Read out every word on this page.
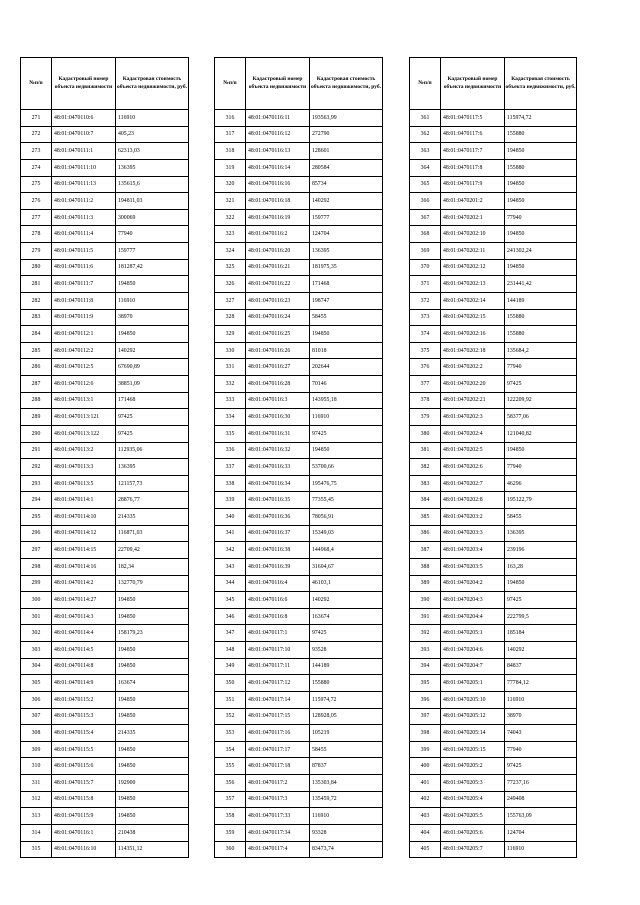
№п/п	Кадастровый номер объекта недвижимости	Кадастровая стоимость объекта недвижимости, руб.
271	48:01:0470110:6	116910
272	48:01:0470110:7	405,23
273	48:01:0470111:1	62313,03
274	48:01:0470111:10	136395
275	48:01:0470111:13	135615,6
276	48:01:0470111:2	194811,03
277	48:01:0470111:3	300069
278	48:01:0470111:4	77940
279	48:01:0470111:5	159777
280	48:01:0470111:6	181287,42
281	48:01:0470111:7	194850
282	48:01:0470111:8	116910
283	48:01:0470111:9	38970
284	48:01:0470112:1	194850
285	48:01:0470112:2	140292
286	48:01:0470112:5	67690,89
287	48:01:0470112:6	38851,09
288	48:01:0470113:1	171468
289	48:01:0470113:121	97425
290	48:01:0470113:122	97425
291	48:01:0470113:2	112935,06
292	48:01:0470113:3	136395
293	48:01:0470113:5	121157,73
294	48:01:0470114:1	28876,77
295	48:01:0470114:10	214335
296	48:01:0470114:12	116871,03
297	48:01:0470114:15	22709,42
298	48:01:0470114:16	182,34
299	48:01:0470114:2	132770,79
300	48:01:0470114:27	194850
301	48:01:0470114:3	194850
302	48:01:0470114:4	158179,23
303	48:01:0470114:5	194850
304	48:01:0470114:8	194850
305	48:01:0470114:9	163674
306	48:01:0470115:2	194850
307	48:01:0470115:3	194850
308	48:01:0470115:4	214335
309	48:01:0470115:5	194850
310	48:01:0470115:6	194850
311	48:01:0470115:7	192900
312	48:01:0470115:8	194850
313	48:01:0470115:9	194850
314	48:01:0470116:1	210438
315	48:01:0470116:10	114351,12
№п/п	Кадастровый номер объекта недвижимости	Кадастровая стоимость объекта недвижимости, руб.
316	48:01:0470116:11	193563,99
317	48:01:0470116:12	272790
318	48:01:0470116:13	128601
319	48:01:0470116:14	280584
320	48:01:0470116:16	85734
321	48:01:0470116:18	140292
322	48:01:0470116:19	159777
323	48:01:0470116:2	124704
324	48:01:0470116:20	136395
325	48:01:0470116:21	181975,35
326	48:01:0470116:22	171468
327	48:01:0470116:23	198747
328	48:01:0470116:24	58455
329	48:01:0470116:25	194850
330	48:01:0470116:26	81018
331	48:01:0470116:27	202644
332	48:01:0470116:28	70146
333	48:01:0470116:3	143955,18
334	48:01:0470116:30	116910
335	48:01:0470116:31	97425
336	48:01:0470116:32	194850
337	48:01:0470116:33	53700,66
338	48:01:0470116:34	195476,75
339	48:01:0470116:35	77355,45
340	48:01:0470116:36	78056,91
341	48:01:0470116:37	15349,03
342	48:01:0470116:38	144968,4
343	48:01:0470116:39	31604,67
344	48:01:0470116:4	46103,1
345	48:01:0470116:6	140292
346	48:01:0470116:8	163674
347	48:01:0470117:1	97425
348	48:01:0470117:10	93528
349	48:01:0470117:11	144189
350	48:01:0470117:12	155880
351	48:01:0470117:14	115974,72
352	48:01:0470117:15	128928,05
353	48:01:0470117:16	105219
354	48:01:0470117:17	58455
355	48:01:0470117:18	87837
356	48:01:0470117:2	135303,84
357	48:01:0470117:3	135459,72
358	48:01:0470117:33	116910
359	48:01:0470117:34	93328
360	48:01:0470117:4	83473,74
№п/п	Кадастровый номер объекта недвижимости	Кадастровая стоимость объекта недвижимости, руб.
361	48:01:0470117:5	115974,72
362	48:01:0470117:6	155880
363	48:01:0470117:7	194850
364	48:01:0470117:8	155880
365	48:01:0470117:9	194850
366	48:01:0470201:2	194850
367	48:01:0470202:1	77940
368	48:01:0470202:10	194850
369	48:01:0470202:11	241302,24
370	48:01:0470202:12	194850
371	48:01:0470202:13	231441,42
372	48:01:0470202:14	144189
373	48:01:0470202:15	155880
374	48:01:0470202:16	155880
375	48:01:0470202:18	135684,2
376	48:01:0470202:2	77940
377	48:01:0470202:20	97425
378	48:01:0470202:21	122209,92
379	48:01:0470202:3	58377,06
380	48:01:0470202:4	121040,82
381	48:01:0470202:5	194850
382	48:01:0470202:6	77940
383	48:01:0470202:7	46296
384	48:01:0470202:8	195122,79
385	48:01:0470203:2	58455
386	48:01:0470203:3	136395
387	48:01:0470203:4	239196
388	48:01:0470203:5	163,28
389	48:01:0470204:2	194850
390	48:01:0470204:3	97425
391	48:01:0470204:4	222799,5
392	48:01:0470205:1	185184
393	48:01:0470204:6	140292
394	48:01:0470204:7	84837
395	48:01:0470205:1	77784,12
396	48:01:0470205:10	116910
397	48:01:0470205:12	38970
398	48:01:0470205:14	74043
399	48:01:0470205:15	77940
400	48:01:0470205:2	97425
401	48:01:0470205:3	77237,16
402	48:01:0470205:4	249408
403	48:01:0470205:5	155763,09
404	48:01:0470205:6	124704
405	48:01:0470205:7	116910
